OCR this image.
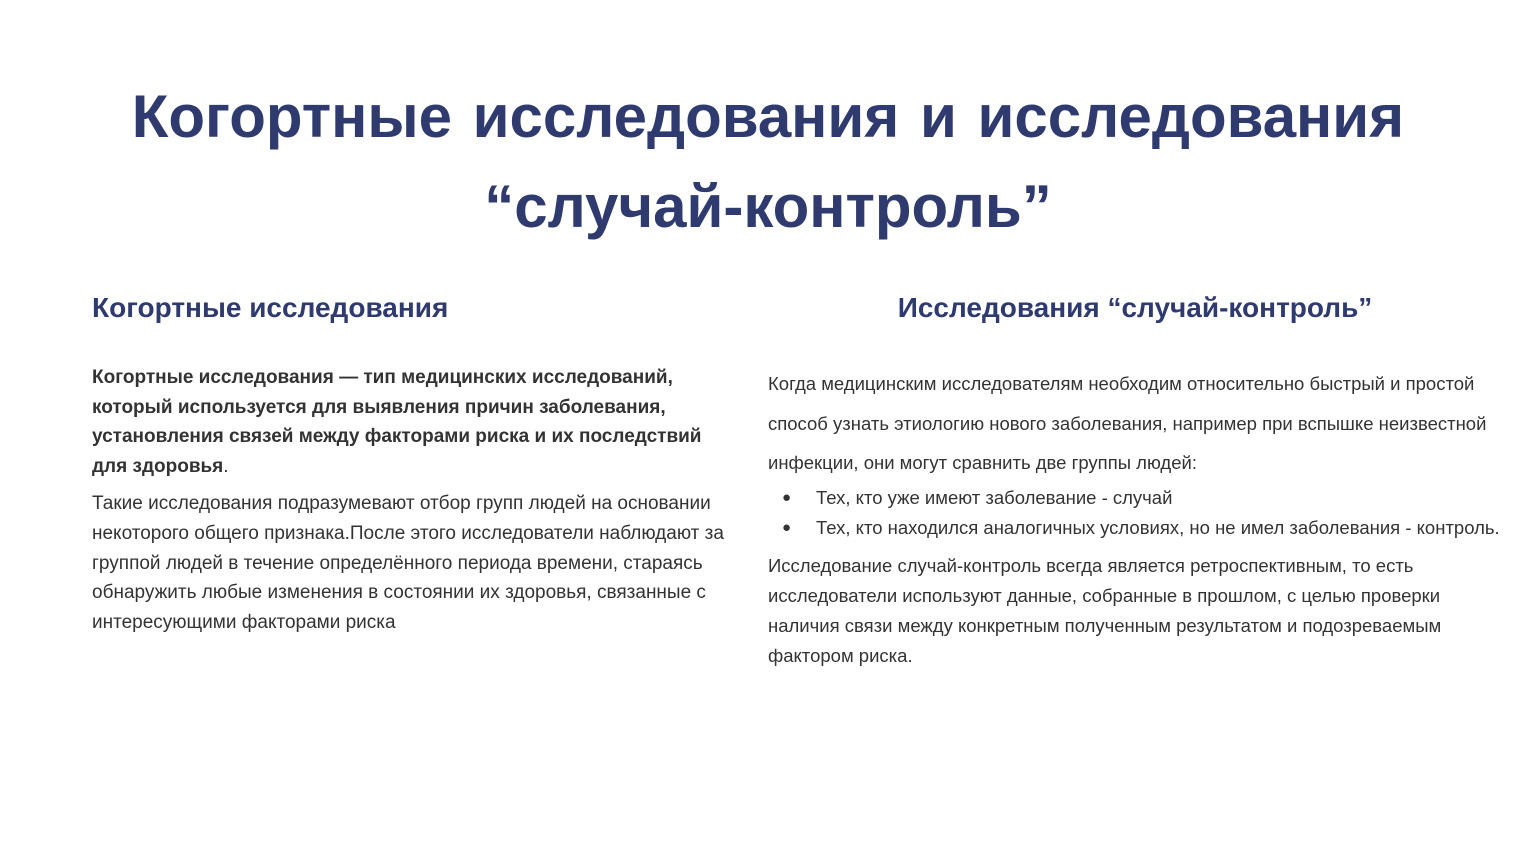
Когортные исследования и исследования “случай-контроль”
Когортные исследования

Когортные исследования — тип медицинских исследований, который используется для выявления причин заболевания, установления связей между факторами риска и их последствий для здоровья.

Такие исследования подразумевают отбор групп людей на основании некоторого общего признака.После этого исследователи наблюдают за группой людей в течение определённого периода времени, стараясь обнаружить любые изменения в состоянии их здоровья, связанные с интересующими факторами риска

Исследования “случай-контроль”

Когда медицинским исследователям необходим относительно быстрый и простой способ узнать этиологию нового заболевания, например при вспышке неизвестной инфекции, они могут сравнить две группы людей:

● Тех, кто уже имеют заболевание - случай
● Тех, кто находился аналогичных условиях, но не имел заболевания - контроль.

Исследование случай-контроль всегда является ретроспективным, то есть исследователи используют данные, собранные в прошлом, с целью проверки наличия связи между конкретным полученным результатом и подозреваемым фактором риска.
